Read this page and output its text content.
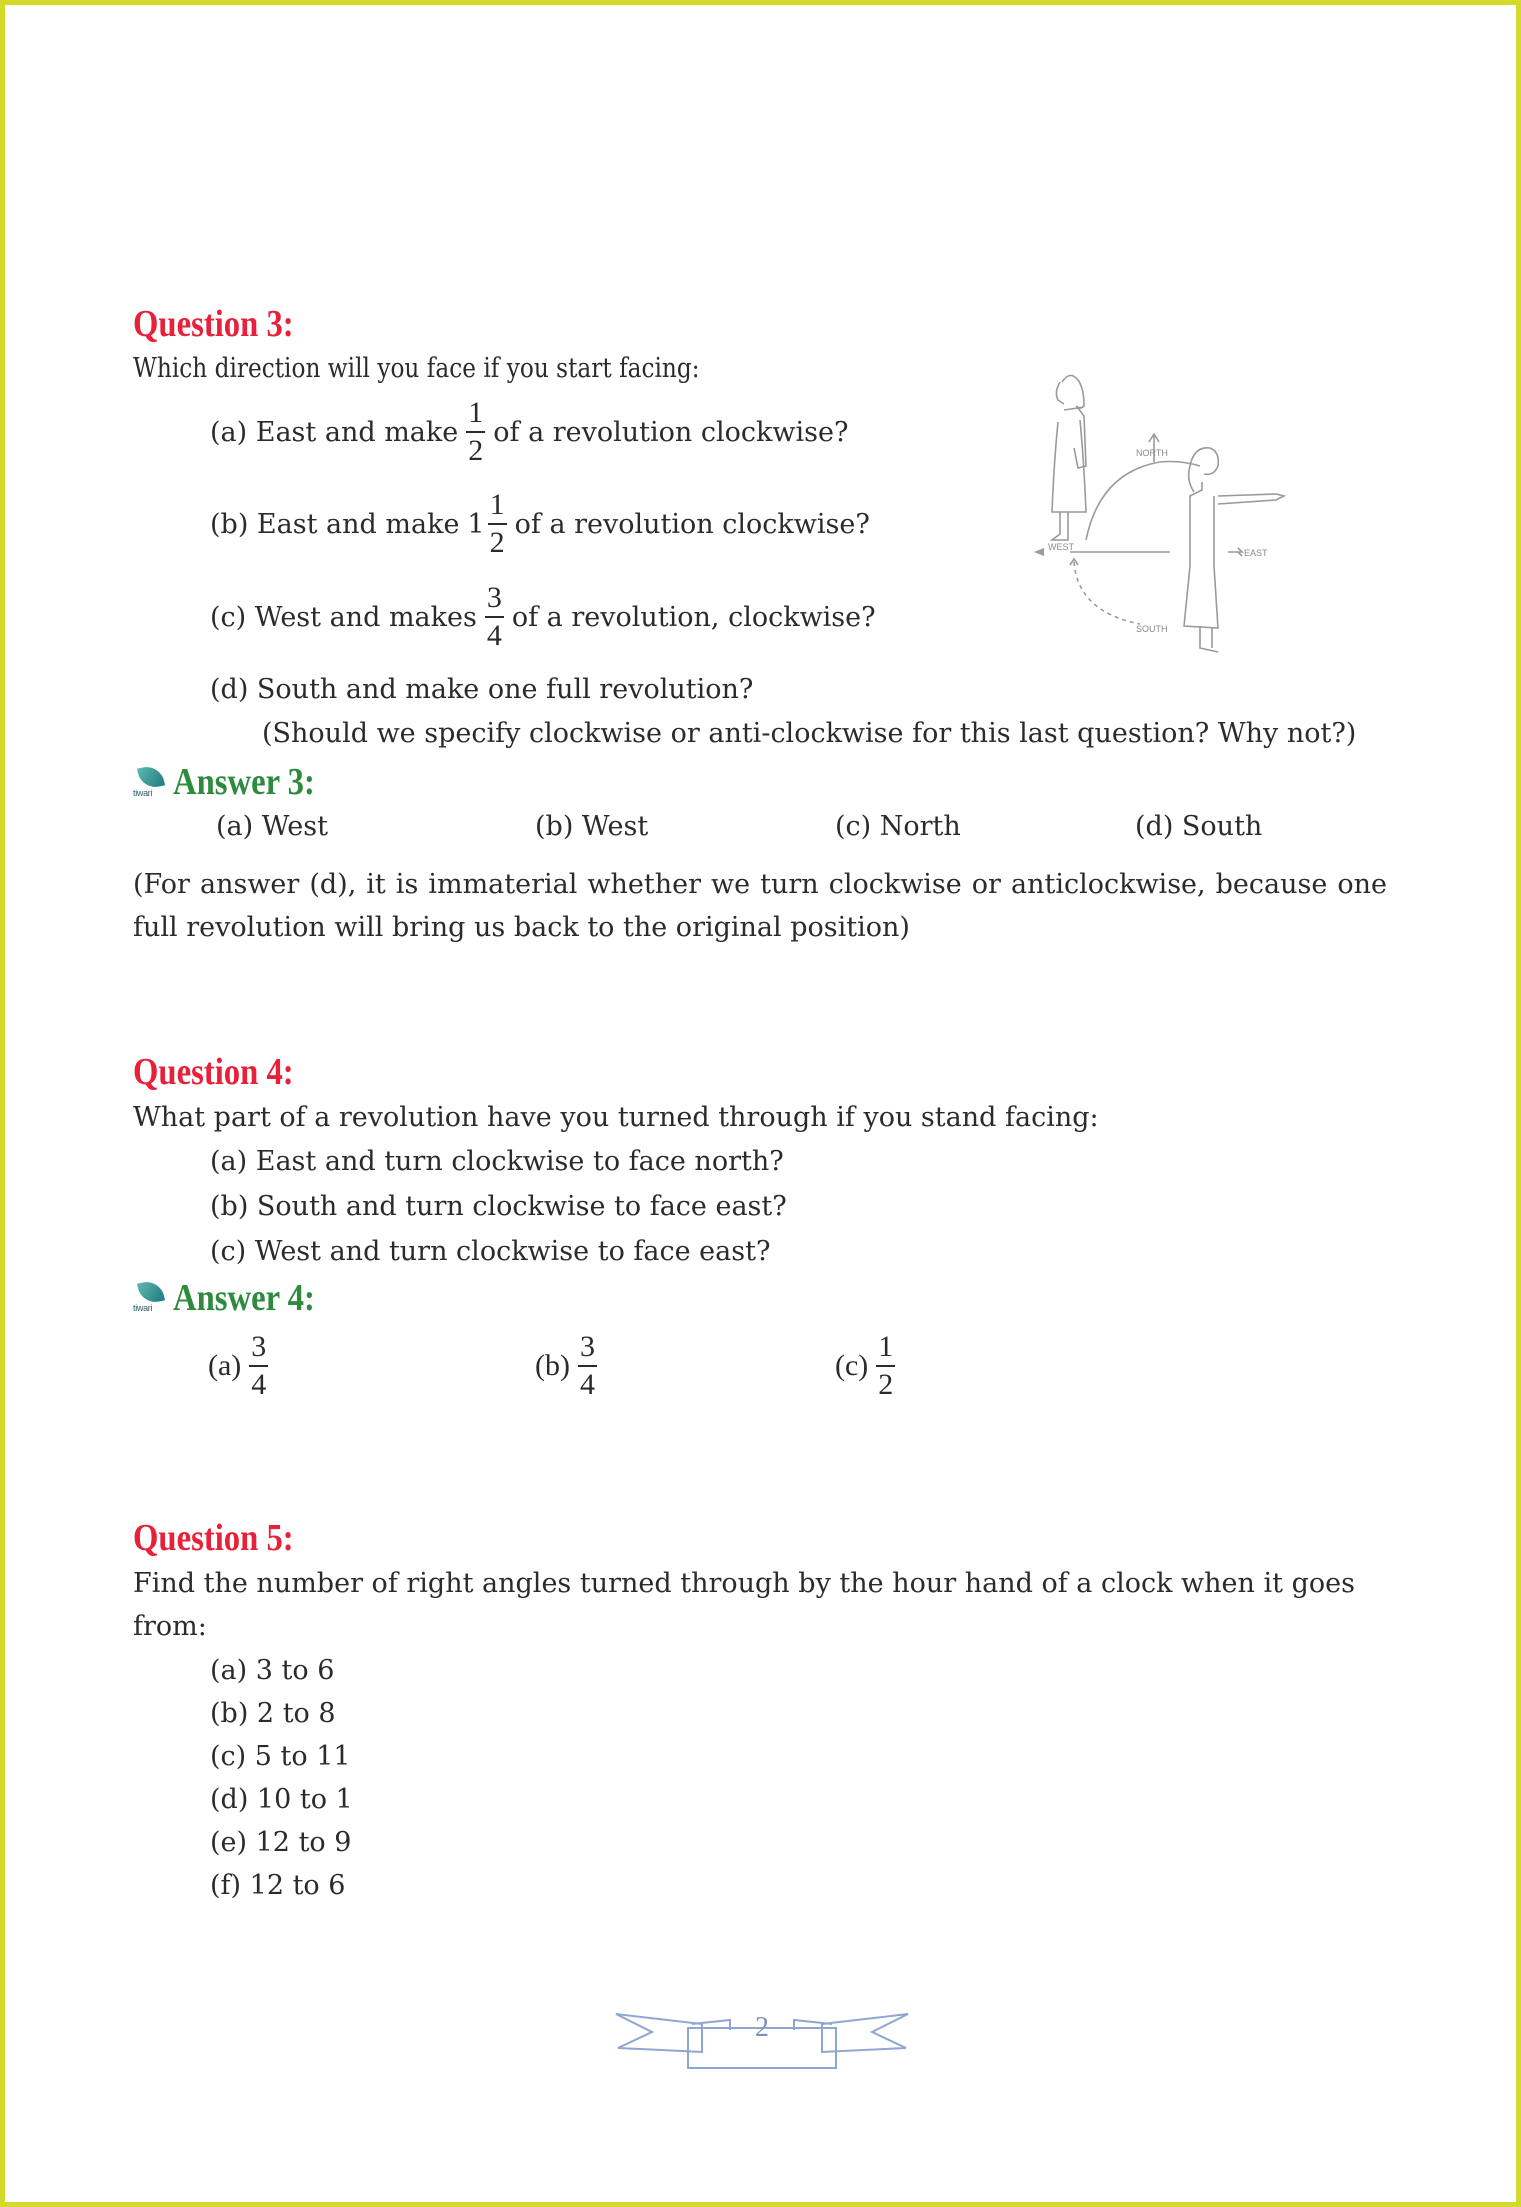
Question 3:
Which direction will you face if you start facing:
(a) East and make $\frac{1}{2}$ of a revolution clockwise?
(b) East and make $1 \frac{1}{2}$ of a revolution clockwise?
(c) West and makes $\frac{3}{4}$ of a revolution, clockwise?
(d) South and make one full revolution?
(Should we specify clockwise or anti-clockwise for this last question? Why not?)
NORTH
EAST
WEST
SOUTH
tiwari Answer 3:
(a) West	(b) West	(c) North	(d) South
(For answer (d), it is immaterial whether we turn clockwise or anticlockwise, because one full revolution will bring us back to the original position)
Question 4:
What part of a revolution have you turned through if you stand facing:
(a) East and turn clockwise to face north?
(b) South and turn clockwise to face east?
(c) West and turn clockwise to face east?
tiwari Answer 4:
$(a) \frac{3}{4}$	$(b) \frac{3}{4}$	$(c) \frac{1}{2}$
Question 5:
Find the number of right angles turned through by the hour hand of a clock when it goes
from:
(a) 3 to 6
(b) 2 to 8
(c) 5 to 11
(d) 10 to 1
(e) 12 to 9
(f) 12 to 6
2
